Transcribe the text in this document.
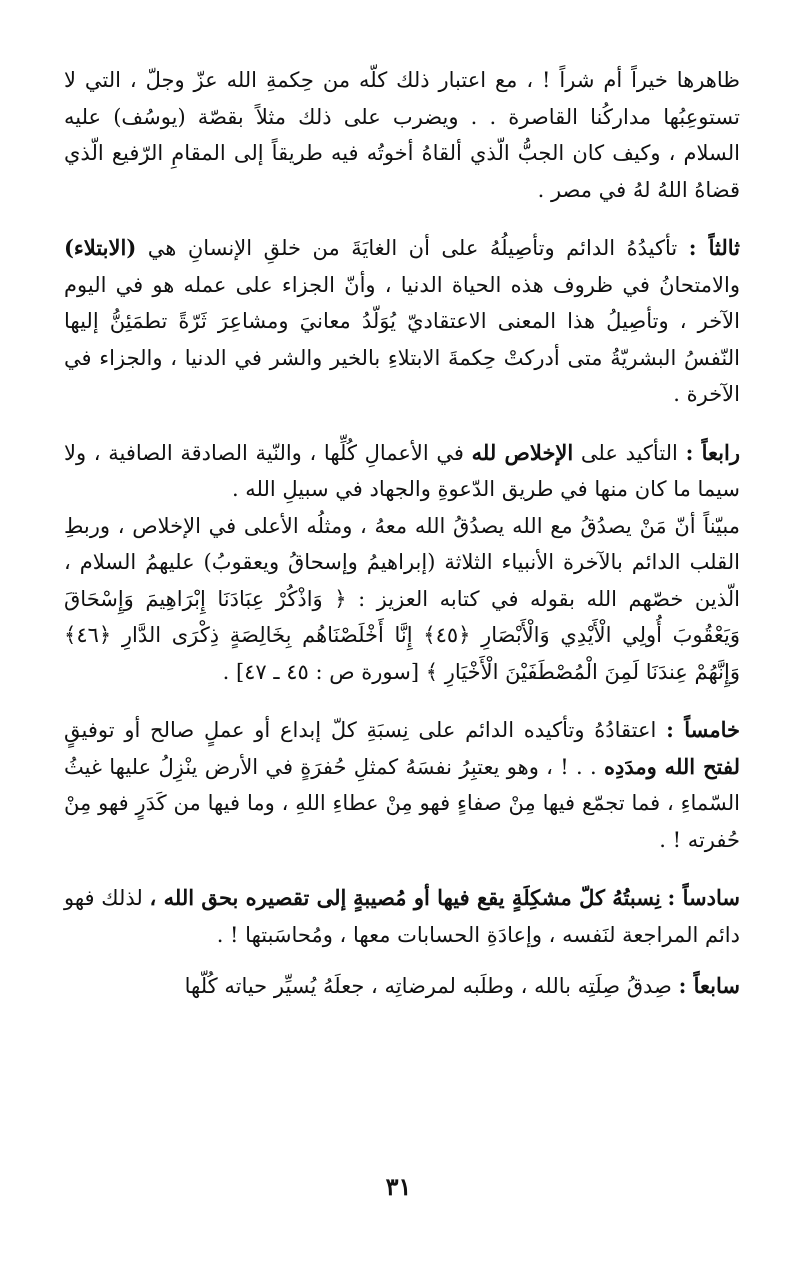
ظاهرها خيراً أم شراً ! ، مع اعتبار ذلك كلّه من حِكمةِ الله عزّ وجلّ ، التي لا تستوعِبُها مداركُنا القاصرة . . ويضرب على ذلك مثلاً بقصّة (يوسُف) عليه السلام ، وكيف كان الجبُّ الّذي ألقاهُ أخوتُه فيه طريقاً إلى المقامِ الرّفيع الّذي قضاهُ اللهُ لهُ في مصر .

ثالثاً : تأكيدُهُ الدائم وتأصِيلُهُ على أن الغايَةَ من خلقِ الإنسانِ هي (الابتلاء) والامتحانُ في ظروف هذه الحياة الدنيا ، وأنّ الجزاء على عمله هو في اليوم الآخر ، وتأصِيلُ هذا المعنى الاعتقاديّ يُوَلّدُ معانيَ ومشاعِرَ ثَرّةً تطمَئِنُّ إليها النّفسُ البشريّةُ متى أدركتْ حِكمةَ الابتلاءِ بالخير والشر في الدنيا ، والجزاء في الآخرة .

رابعاً : التأكيد على الإخلاص لله في الأعمالِ كُلِّها ، والنّية الصادقة الصافية ، ولا سيما ما كان منها في طريق الدّعوةِ والجهاد في سبيلِ الله .

مبيّناً أنّ مَنْ يصدُقُ مع الله يصدُقُ الله معهُ ، ومثلُه الأعلى في الإخلاص ، وربطِ القلب الدائم بالآخرة الأنبياء الثلاثة (إبراهيمُ وإسحاقُ ويعقوبُ) عليهمُ السلام ، الّذين خصّهم الله بقوله في كتابه العزيز : ﴿ وَاذْكُرْ عِبَادَنَا إِبْرَاهِيمَ وَإِسْحَاقَ وَيَعْقُوبَ أُولِي الْأَيْدِي وَالْأَبْصَارِ ﴿٤٥﴾ إِنَّا أَخْلَصْنَاهُم بِخَالِصَةٍ ذِكْرَى الدَّارِ ﴿٤٦﴾ وَإِنَّهُمْ عِندَنَا لَمِنَ الْمُصْطَفَيْنَ الْأَخْيَارِ ﴾ [سورة ص : ٤٥ ـ ٤٧] .

خامساً : اعتقادُهُ وتأكيده الدائم على نِسبَةِ كلّ إبداع أو عملٍ صالح أو توفيقٍ لفتح الله ومدَدِه . . ! ، وهو يعتبِرُ نفسَهُ كمثلِ حُفرَةٍ في الأرض ينْزِلُ عليها غيثُ السّماءِ ، فما تجمّع فيها مِنْ صفاءٍ فهو مِنْ عطاءِ اللهِ ، وما فيها من كَدَرٍ فهو مِنْ حُفرته ! .

سادساً : نِسبتُهُ كلّ مشكِلَةٍ يقع فيها أو مُصيبةٍ إلى تقصيره بحق الله ، لذلك فهو دائم المراجعة لنَفسه ، وإعادَةِ الحسابات معها ، ومُحاسَبتها ! .

سابعاً : صِدقُ صِلَتِه بالله ، وطلَبه لمرضاتِه ، جعلَهُ يُسيِّر حياته كُلّها

٣١
